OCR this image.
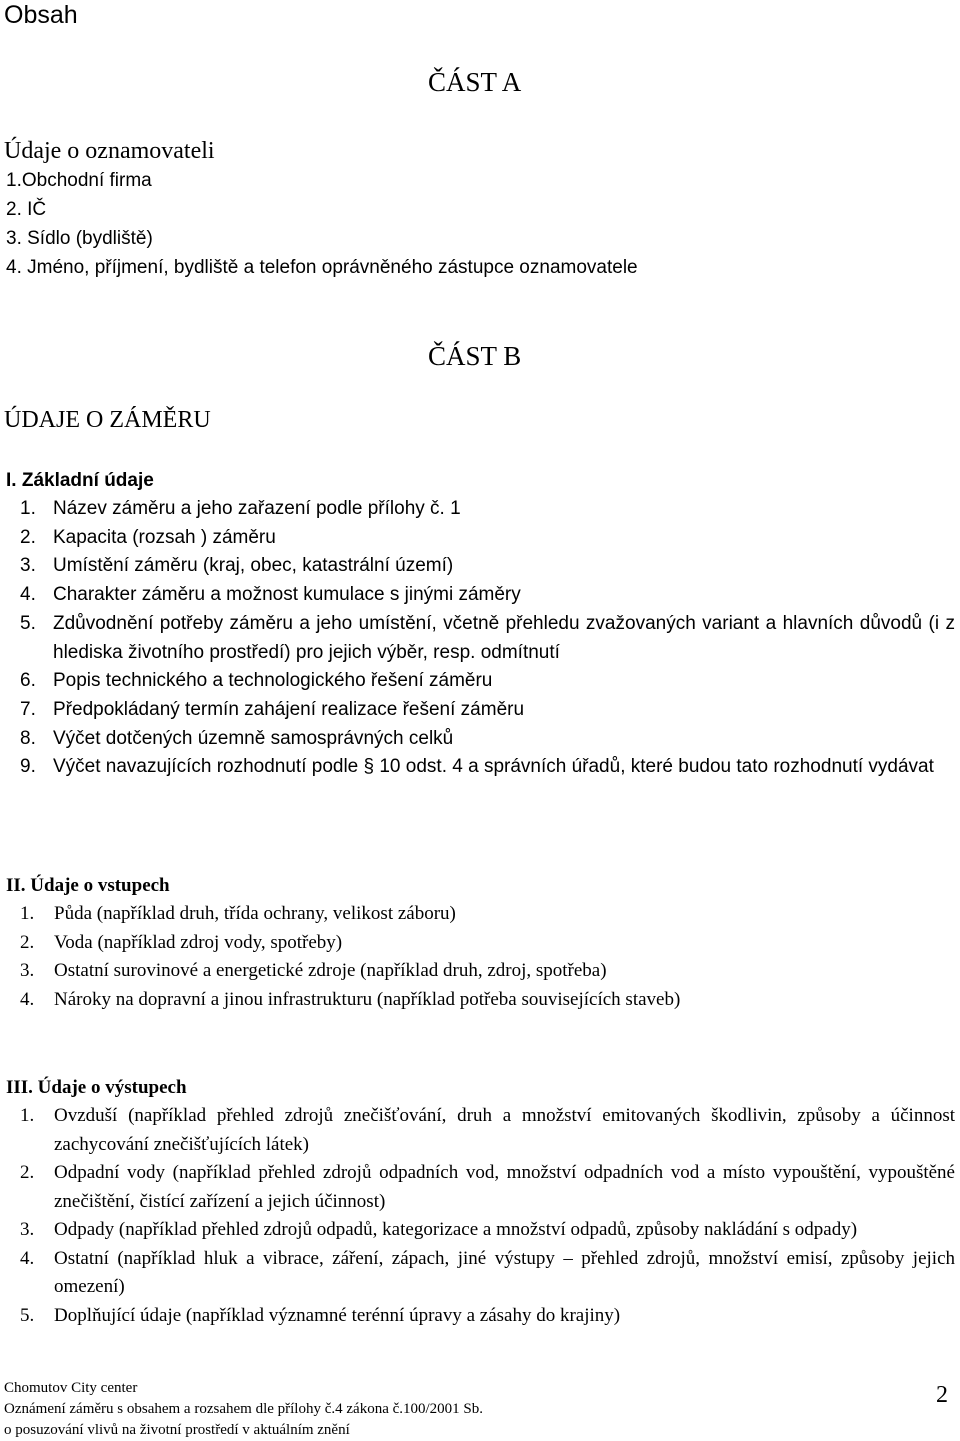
Obsah
ČÁST A
Údaje o oznamovateli
1.Obchodní firma
2. IČ
3. Sídlo (bydliště)
4. Jméno, příjmení, bydliště a telefon oprávněného zástupce oznamovatele
ČÁST B
ÚDAJE O ZÁMĚRU
I. Základní údaje
1. Název záměru a jeho zařazení podle přílohy č. 1
2. Kapacita (rozsah ) záměru
3. Umístění záměru (kraj, obec, katastrální území)
4. Charakter záměru a možnost kumulace s jinými záměry
5. Zdůvodnění potřeby záměru a jeho umístění, včetně přehledu zvažovaných variant a hlavních důvodů (i z hlediska životního prostředí) pro jejich výběr, resp. odmítnutí
6. Popis technického a technologického řešení záměru
7. Předpokládaný termín zahájení realizace řešení záměru
8. Výčet dotčených územně samosprávných celků
9. Výčet navazujících rozhodnutí podle § 10 odst. 4 a správních úřadů, které budou tato rozhodnutí vydávat
II. Údaje o vstupech
1. Půda (například druh, třída ochrany, velikost záboru)
2. Voda (například zdroj vody, spotřeby)
3. Ostatní surovinové a energetické zdroje (například druh, zdroj, spotřeba)
4. Nároky na dopravní a jinou infrastrukturu (například potřeba souvisejících staveb)
III. Údaje o výstupech
1. Ovzduší (například přehled zdrojů znečišťování, druh a množství emitovaných škodlivin, způsoby a účinnost zachycování znečišťujících látek)
2. Odpadní vody (například přehled zdrojů odpadních vod, množství odpadních vod a místo vypouštění, vypouštěné znečištění, čistící zařízení a jejich účinnost)
3. Odpady (například přehled zdrojů odpadů, kategorizace a množství odpadů, způsoby nakládání s odpady)
4. Ostatní (například hluk a vibrace, záření, zápach, jiné výstupy – přehled zdrojů, množství emisí, způsoby jejich omezení)
5. Doplňující údaje (například významné terénní úpravy a zásahy do krajiny)
Chomutov City center
Oznámení záměru s obsahem a rozsahem dle přílohy č.4 zákona č.100/2001 Sb.
o posuzování vlivů na životní prostředí v aktuálním znění
2
